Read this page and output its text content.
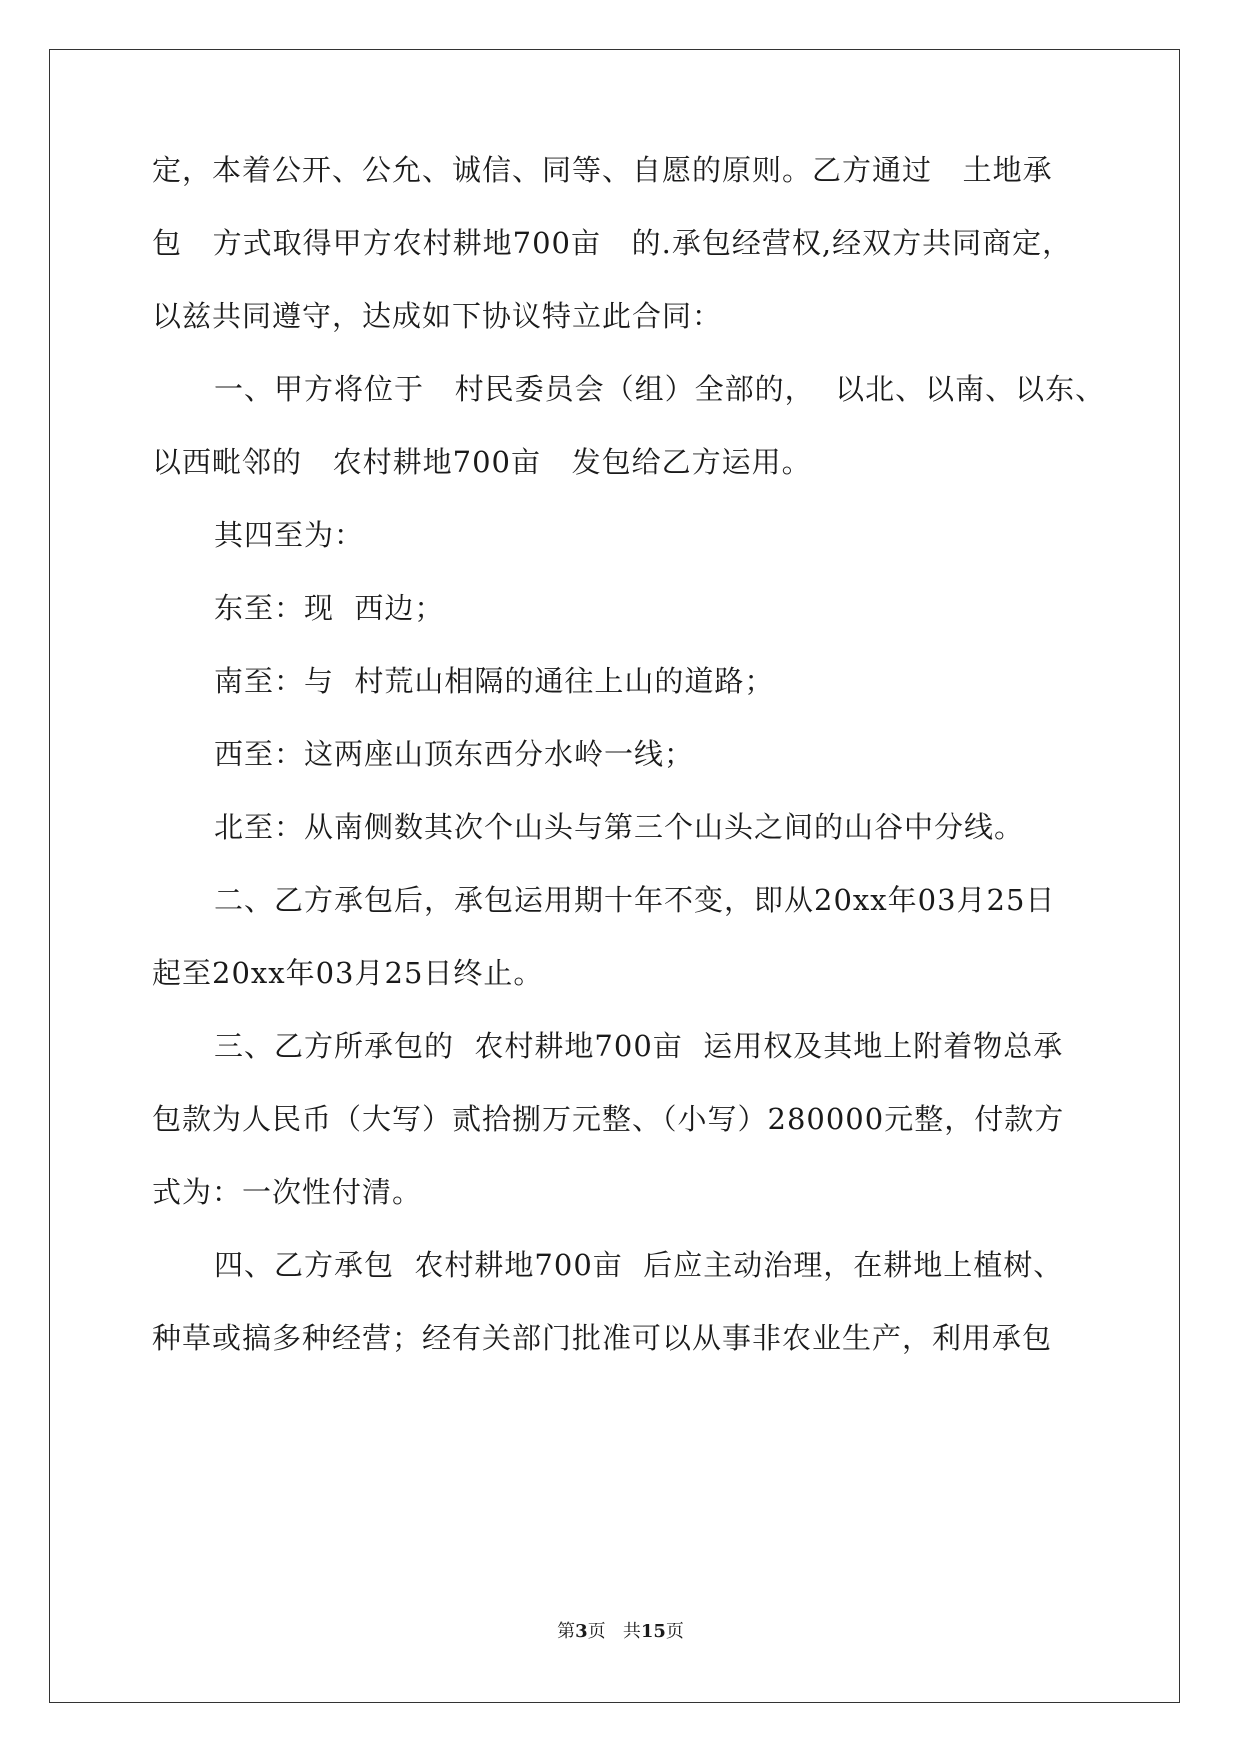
定，本着公开、公允、诚信、同等、自愿的原则。乙方通过   土地承
包   方式取得甲方农村耕地700亩   的.承包经营权,经双方共同商定，
以兹共同遵守，达成如下协议特立此合同：
一、甲方将位于   村民委员会（组）全部的，  以北、以南、以东、
以西毗邻的   农村耕地700亩   发包给乙方运用。
其四至为：
东至：现  西边；
南至：与  村荒山相隔的通往上山的道路；
西至：这两座山顶东西分水岭一线；
北至：从南侧数其次个山头与第三个山头之间的山谷中分线。
二、乙方承包后，承包运用期十年不变，即从20xx年03月25日
起至20xx年03月25日终止。
三、乙方所承包的  农村耕地700亩  运用权及其地上附着物总承
包款为人民币（大写）贰拾捌万元整、（小写）280000元整，付款方
式为：一次性付清。
四、乙方承包  农村耕地700亩  后应主动治理，在耕地上植树、
种草或搞多种经营；经有关部门批准可以从事非农业生产，利用承包
第3页 共15页
